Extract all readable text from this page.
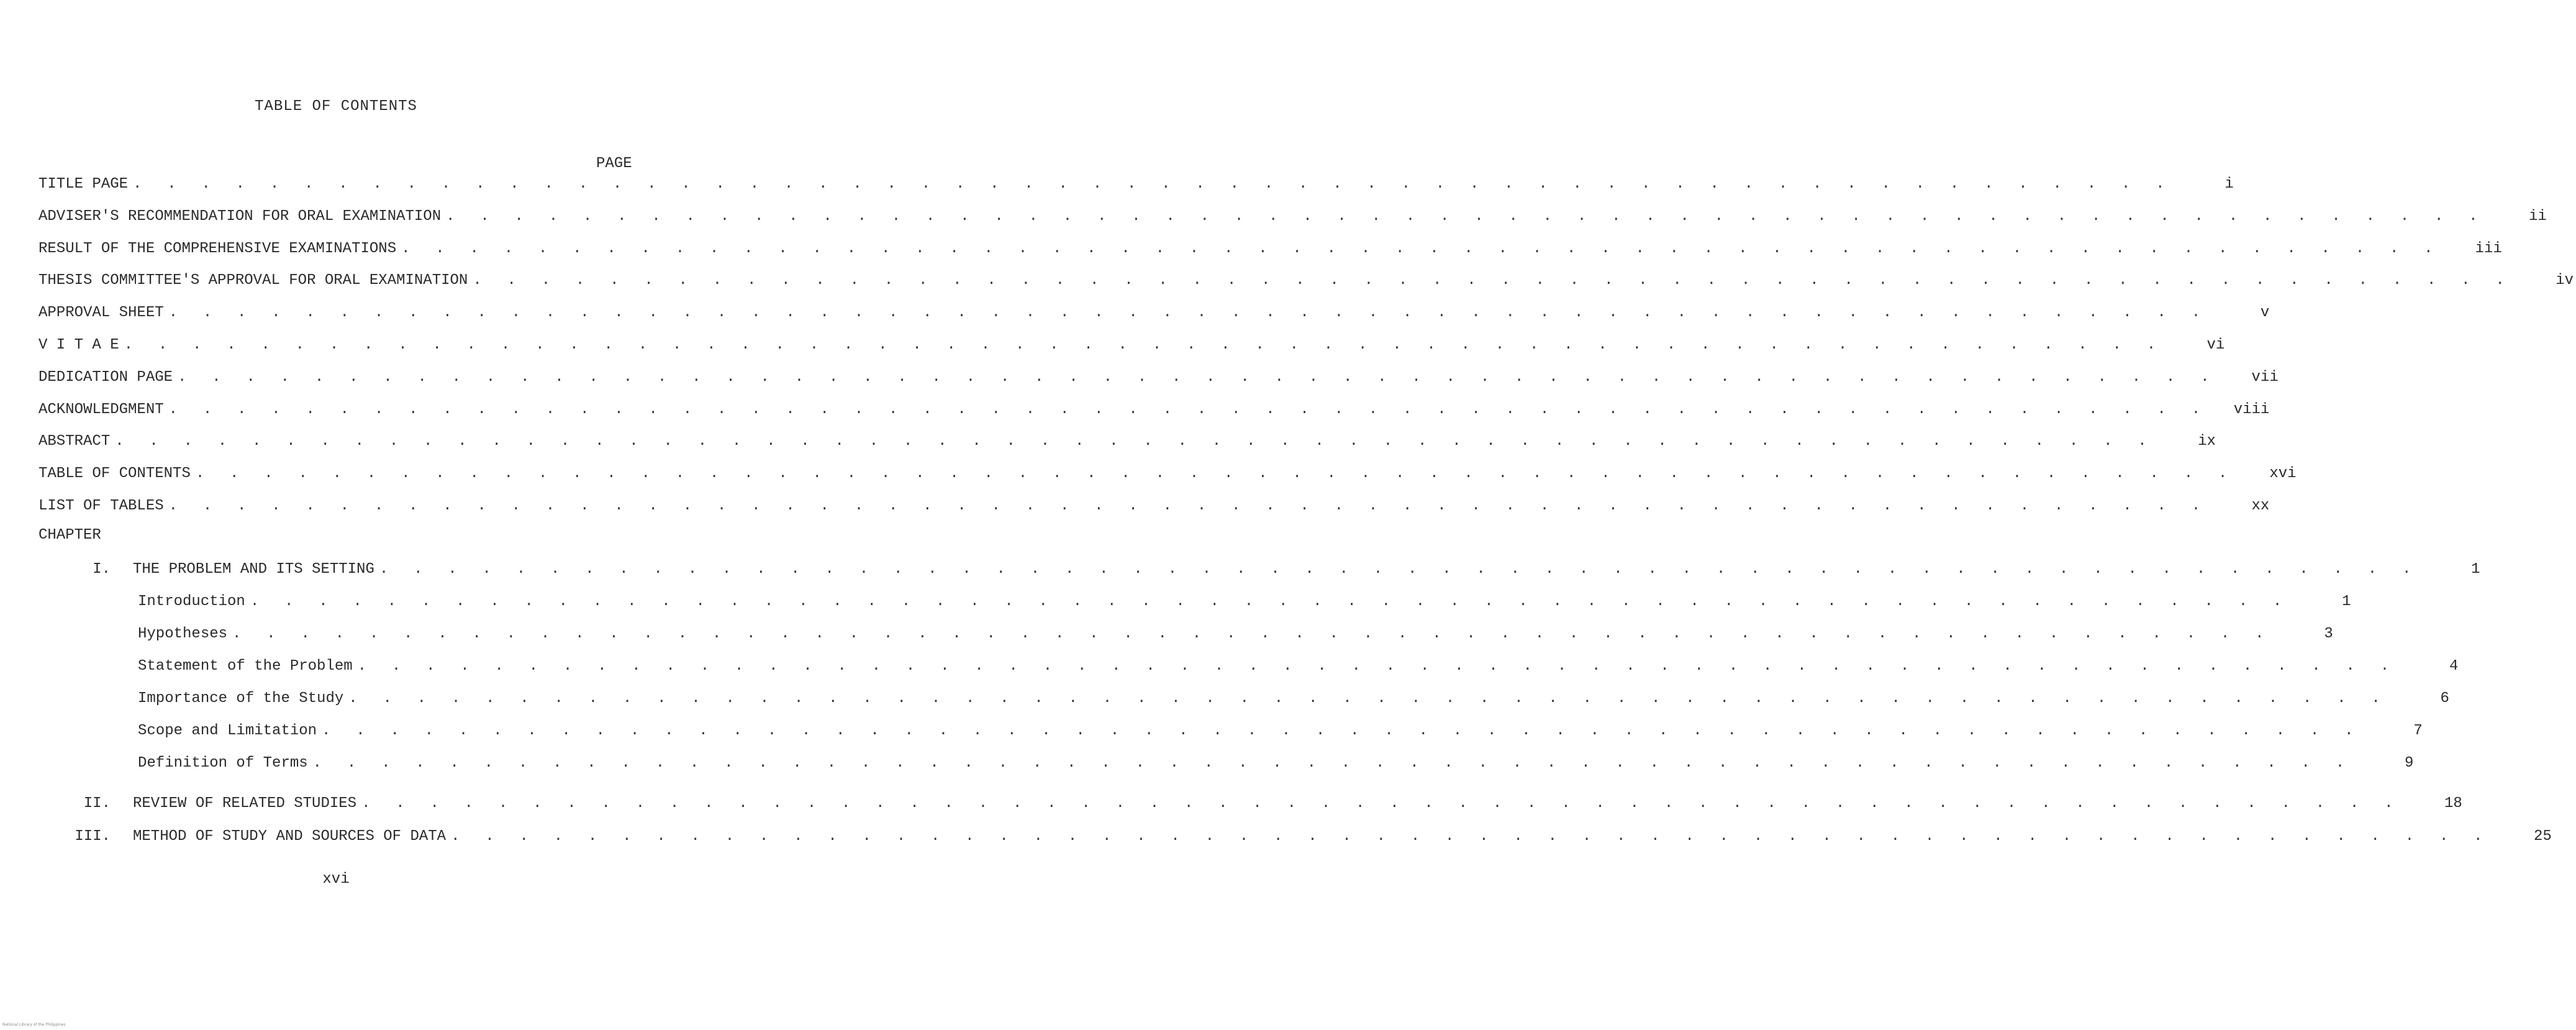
TABLE OF CONTENTS
PAGE
TITLE PAGE . . . . . . . . . . . . . . . . . . . . . . . . . . . . . . . . . . . . . . . . . . . . . . . . . . . . . . . . . . . .	i
ADVISER'S RECOMMENDATION FOR ORAL EXAMINATION . . . . . . . . . . . . . . . . . . . . . . . . . . . . . . . . . . . . . . . . . . . . . . . . . . . . . . . . . . . .	ii
RESULT OF THE COMPREHENSIVE EXAMINATIONS . . . . . . . . . . . . . . . . . . . . . . . . . . . . . . . . . . . . . . . . . . . . . . . . . . . . . . . . . . . .	iii
THESIS COMMITTEE'S APPROVAL FOR ORAL EXAMINATION . . . . . . . . . . . . . . . . . . . . . . . . . . . . . . . . . . . . . . . . . . . . . . . . . . . . . . . . . . . .	iv
APPROVAL SHEET . . . . . . . . . . . . . . . . . . . . . . . . . . . . . . . . . . . . . . . . . . . . . . . . . . . . . . . . . . . .	v
V I T A E . . . . . . . . . . . . . . . . . . . . . . . . . . . . . . . . . . . . . . . . . . . . . . . . . . . . . . . . . . . .	vi
DEDICATION PAGE . . . . . . . . . . . . . . . . . . . . . . . . . . . . . . . . . . . . . . . . . . . . . . . . . . . . . . . . . . . .	vii
ACKNOWLEDGMENT . . . . . . . . . . . . . . . . . . . . . . . . . . . . . . . . . . . . . . . . . . . . . . . . . . . . . . . . . . . .	viii
ABSTRACT . . . . . . . . . . . . . . . . . . . . . . . . . . . . . . . . . . . . . . . . . . . . . . . . . . . . . . . . . . . .	ix
TABLE OF CONTENTS . . . . . . . . . . . . . . . . . . . . . . . . . . . . . . . . . . . . . . . . . . . . . . . . . . . . . . . . . . . .	xvi
LIST OF TABLES . . . . . . . . . . . . . . . . . . . . . . . . . . . . . . . . . . . . . . . . . . . . . . . . . . . . . . . . . . . .	xx
CHAPTER
I. THE PROBLEM AND ITS SETTING . . . . . . . . . . . . . . . . . . . . . . . . . . . . . . . . . . . . . . . . . . . . . . . . . . . . . . . . . . . .	1
Introduction . . . . . . . . . . . . . . . . . . . . . . . . . . . . . . . . . . . . . . . . . . . . . . . . . . . . . . . . . . . .	1
Hypotheses . . . . . . . . . . . . . . . . . . . . . . . . . . . . . . . . . . . . . . . . . . . . . . . . . . . . . . . . . . . .	3
Statement of the Problem . . . . . . . . . . . . . . . . . . . . . . . . . . . . . . . . . . . . . . . . . . . . . . . . . . . . . . . . . . . .	4
Importance of the Study . . . . . . . . . . . . . . . . . . . . . . . . . . . . . . . . . . . . . . . . . . . . . . . . . . . . . . . . . . . .	6
Scope and Limitation . . . . . . . . . . . . . . . . . . . . . . . . . . . . . . . . . . . . . . . . . . . . . . . . . . . . . . . . . . . .	7
Definition of Terms . . . . . . . . . . . . . . . . . . . . . . . . . . . . . . . . . . . . . . . . . . . . . . . . . . . . . . . . . . . .	9
II. REVIEW OF RELATED STUDIES . . . . . . . . . . . . . . . . . . . . . . . . . . . . . . . . . . . . . . . . . . . . . . . . . . . . . . . . . . . .	18
III. METHOD OF STUDY AND SOURCES OF DATA . . . . . . . . . . . . . . . . . . . . . . . . . . . . . . . . . . . . . . . . . . . . . . . . . . . . . . . . . . . .	25
xvi
National Library of the Philippines
